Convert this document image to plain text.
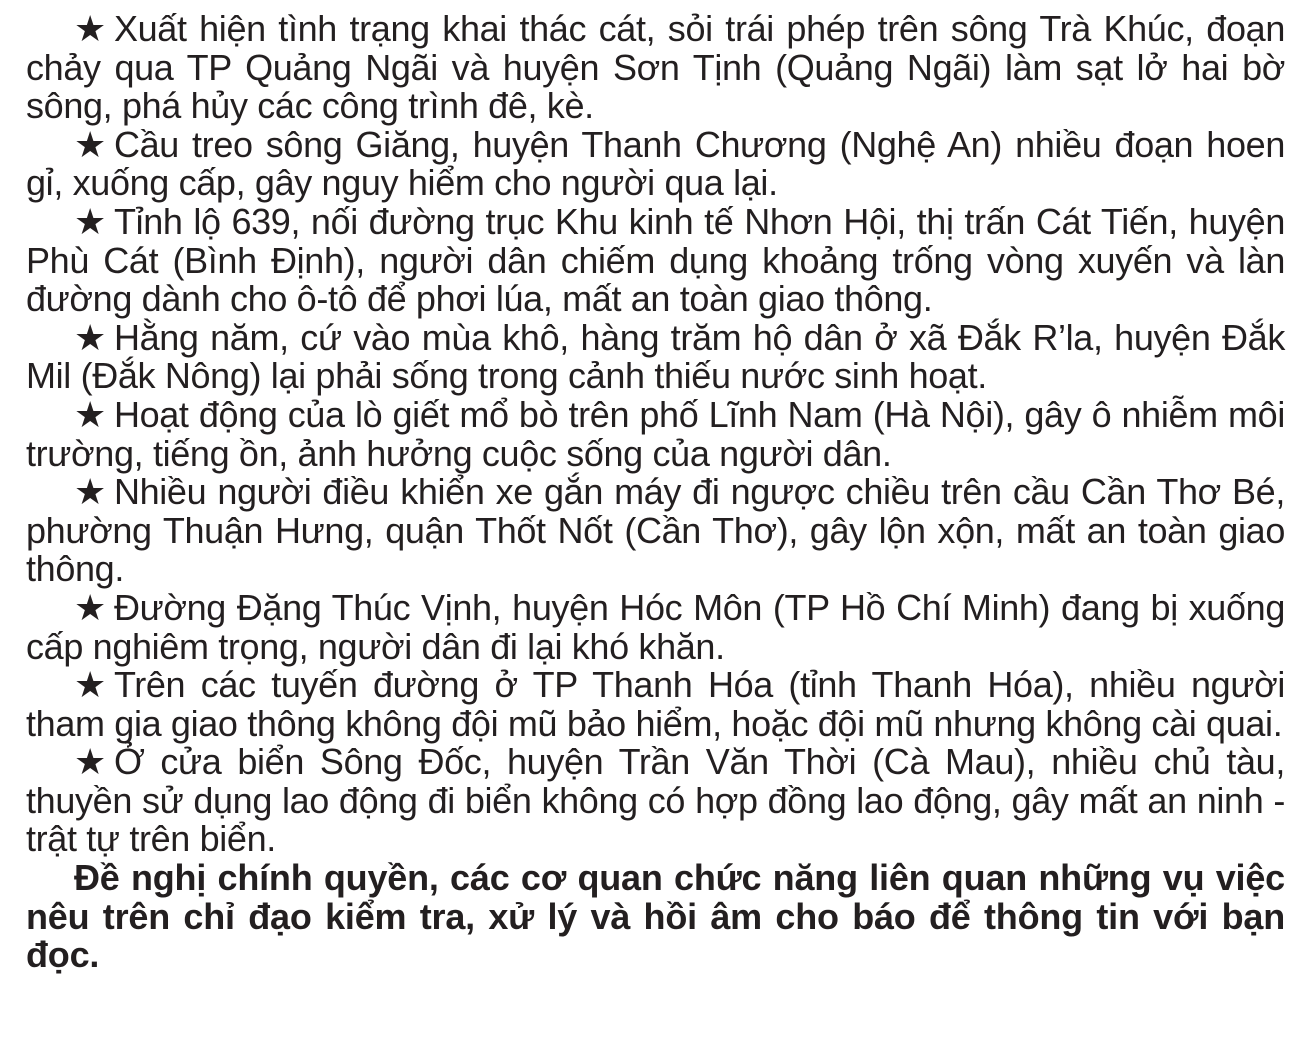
★ Xuất hiện tình trạng khai thác cát, sỏi trái phép trên sông Trà Khúc, đoạn chảy qua TP Quảng Ngãi và huyện Sơn Tịnh (Quảng Ngãi) làm sạt lở hai bờ sông, phá hủy các công trình đê, kè.

★ Cầu treo sông Giăng, huyện Thanh Chương (Nghệ An) nhiều đoạn hoen gỉ, xuống cấp, gây nguy hiểm cho người qua lại.

★ Tỉnh lộ 639, nối đường trục Khu kinh tế Nhơn Hội, thị trấn Cát Tiến, huyện Phù Cát (Bình Định), người dân chiếm dụng khoảng trống vòng xuyến và làn đường dành cho ô-tô để phơi lúa, mất an toàn giao thông.

★ Hằng năm, cứ vào mùa khô, hàng trăm hộ dân ở xã Đắk R’la, huyện Đắk Mil (Đắk Nông) lại phải sống trong cảnh thiếu nước sinh hoạt.

★ Hoạt động của lò giết mổ bò trên phố Lĩnh Nam (Hà Nội), gây ô nhiễm môi trường, tiếng ồn, ảnh hưởng cuộc sống của người dân.

★ Nhiều người điều khiển xe gắn máy đi ngược chiều trên cầu Cần Thơ Bé, phường Thuận Hưng, quận Thốt Nốt (Cần Thơ), gây lộn xộn, mất an toàn giao thông.

★ Đường Đặng Thúc Vịnh, huyện Hóc Môn (TP Hồ Chí Minh) đang bị xuống cấp nghiêm trọng, người dân đi lại khó khăn.

★ Trên các tuyến đường ở TP Thanh Hóa (tỉnh Thanh Hóa), nhiều người tham gia giao thông không đội mũ bảo hiểm, hoặc đội mũ nhưng không cài quai.

★ Ở cửa biển Sông Đốc, huyện Trần Văn Thời (Cà Mau), nhiều chủ tàu, thuyền sử dụng lao động đi biển không có hợp đồng lao động, gây mất an ninh - trật tự trên biển.

Đề nghị chính quyền, các cơ quan chức năng liên quan những vụ việc nêu trên chỉ đạo kiểm tra, xử lý và hồi âm cho báo để thông tin với bạn đọc.
